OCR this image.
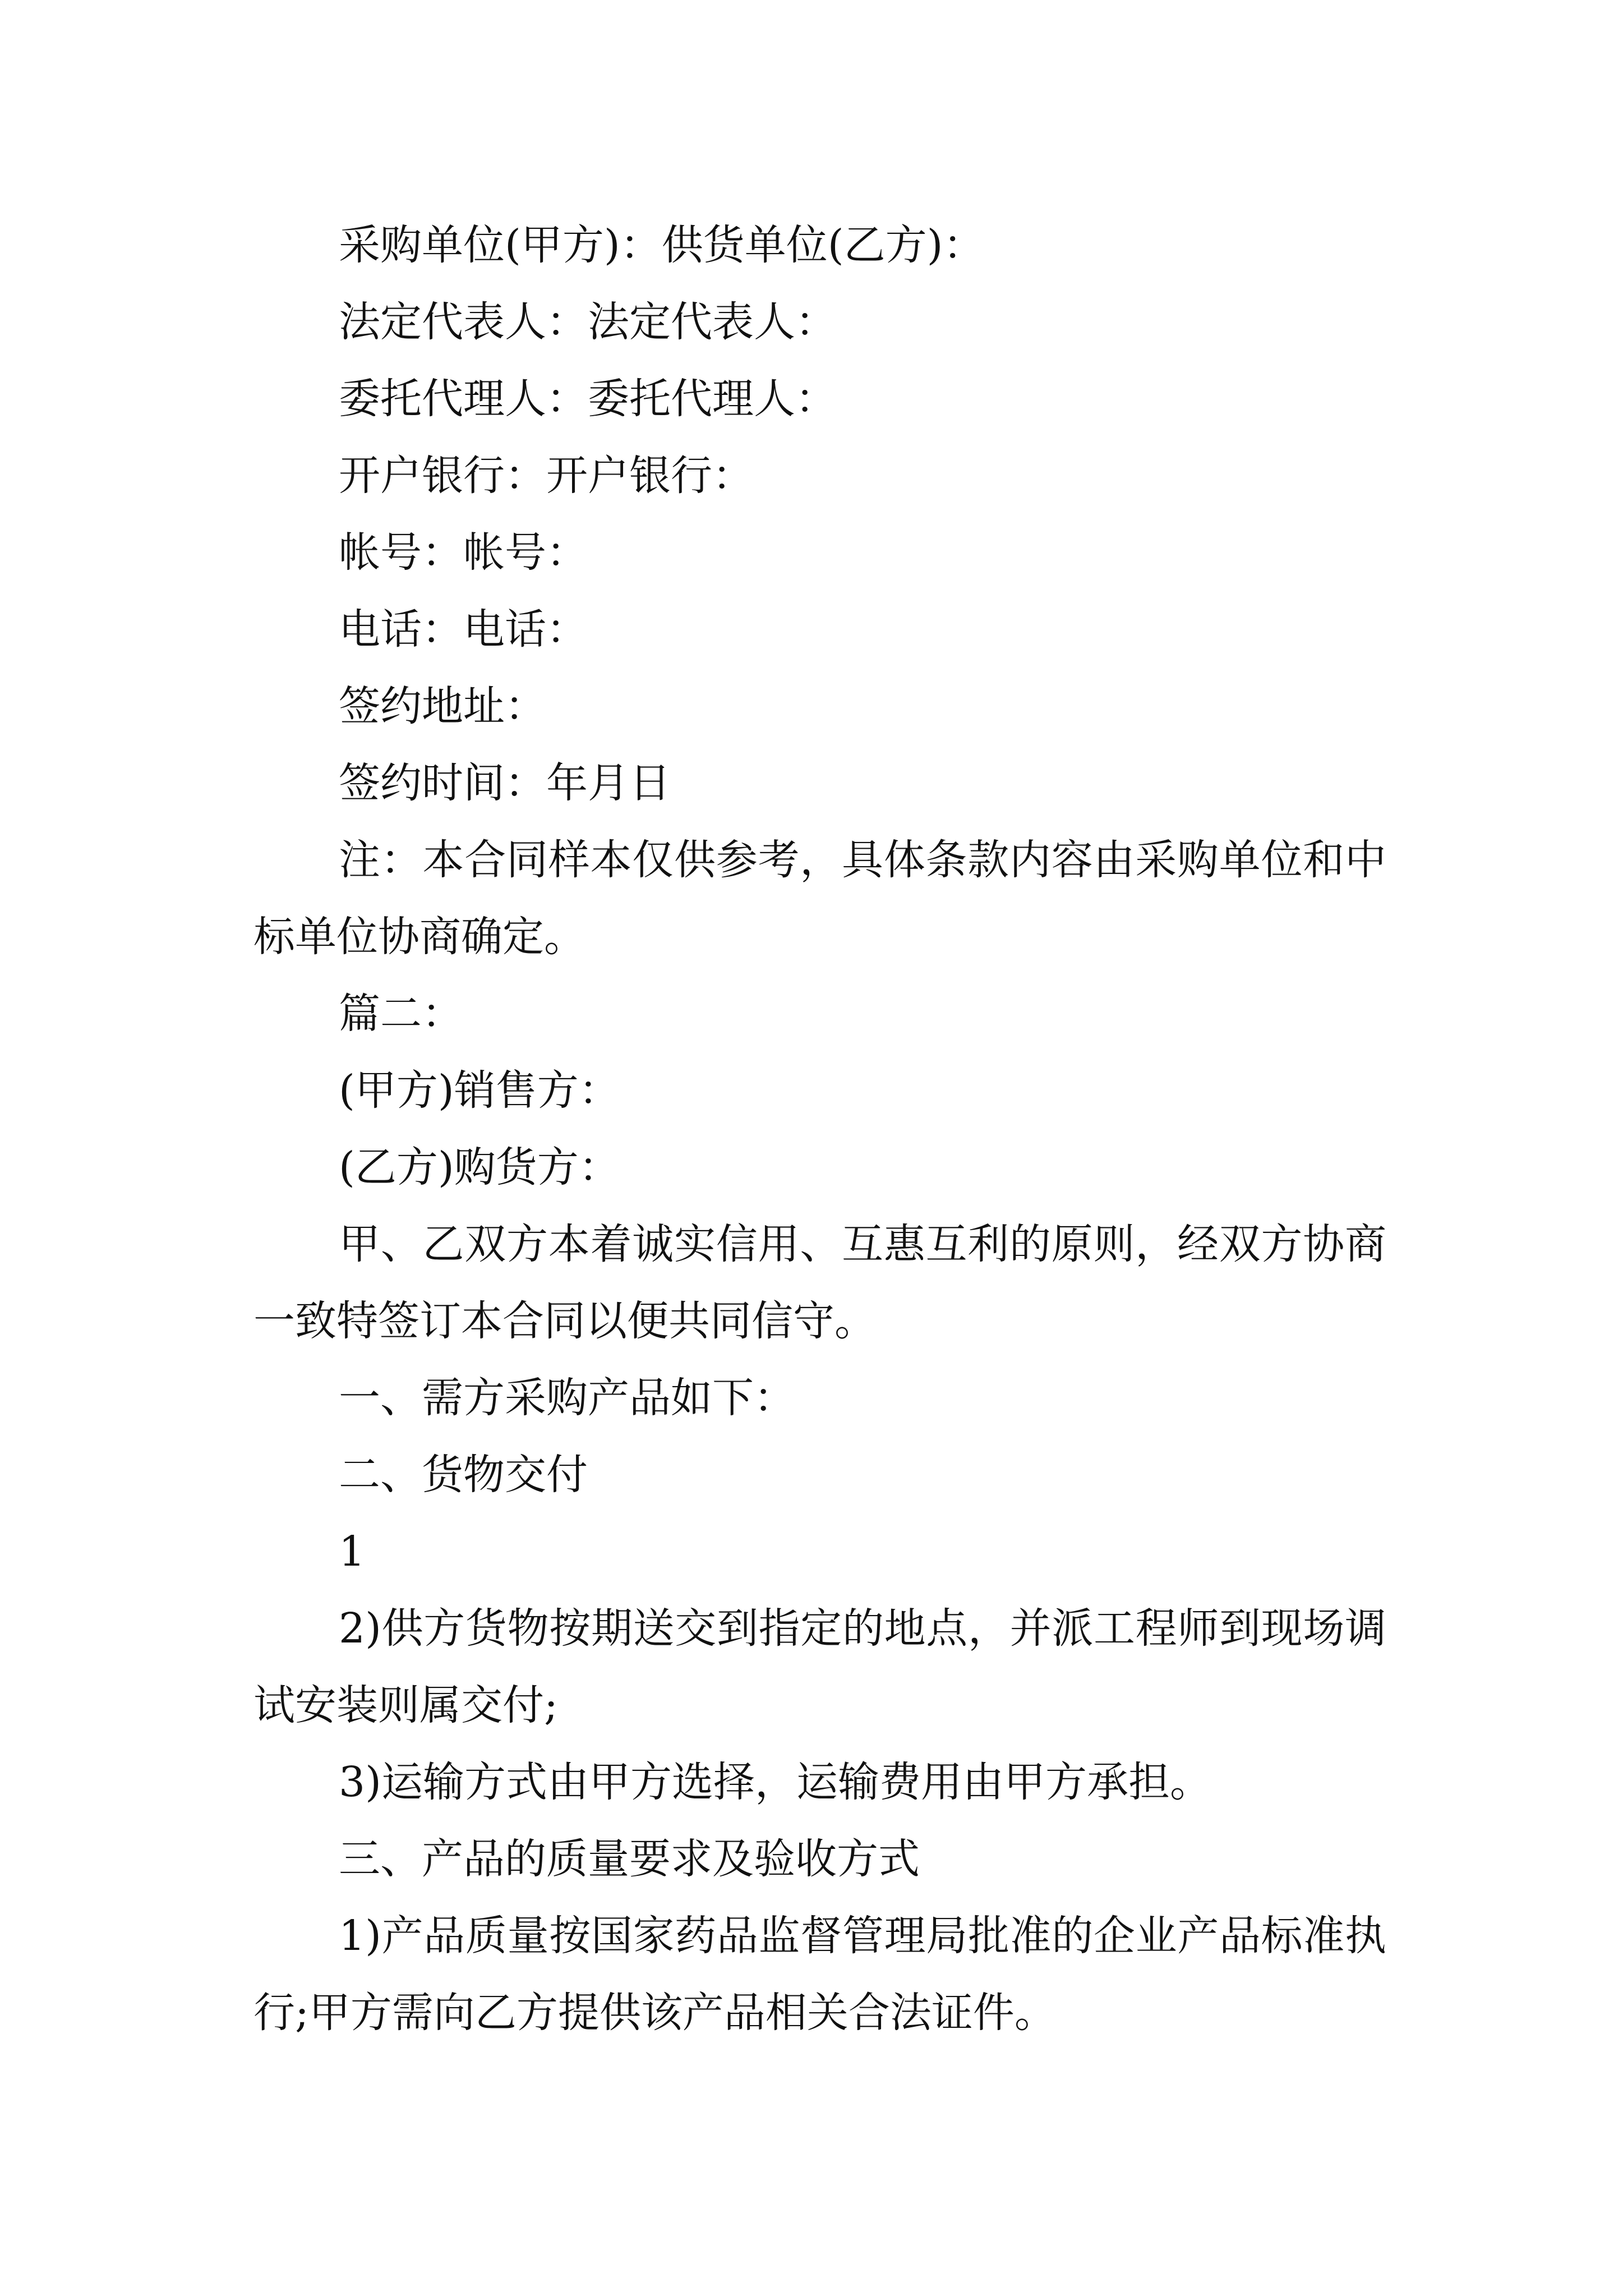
采购单位(甲方)：供货单位(乙方)：

法定代表人：法定代表人：

委托代理人：委托代理人：

开户银行：开户银行：

帐号：帐号：

电话：电话：

签约地址：

签约时间：年月日

注：本合同样本仅供参考，具体条款内容由采购单位和中标单位协商确定。

篇二：

(甲方)销售方：

(乙方)购货方：

甲、乙双方本着诚实信用、互惠互利的原则，经双方协商一致特签订本合同以便共同信守。

一、需方采购产品如下：

二、货物交付

1

2)供方货物按期送交到指定的地点，并派工程师到现场调试安装则属交付;

3)运输方式由甲方选择，运输费用由甲方承担。

三、产品的质量要求及验收方式

1)产品质量按国家药品监督管理局批准的企业产品标准执行;甲方需向乙方提供该产品相关合法证件。
